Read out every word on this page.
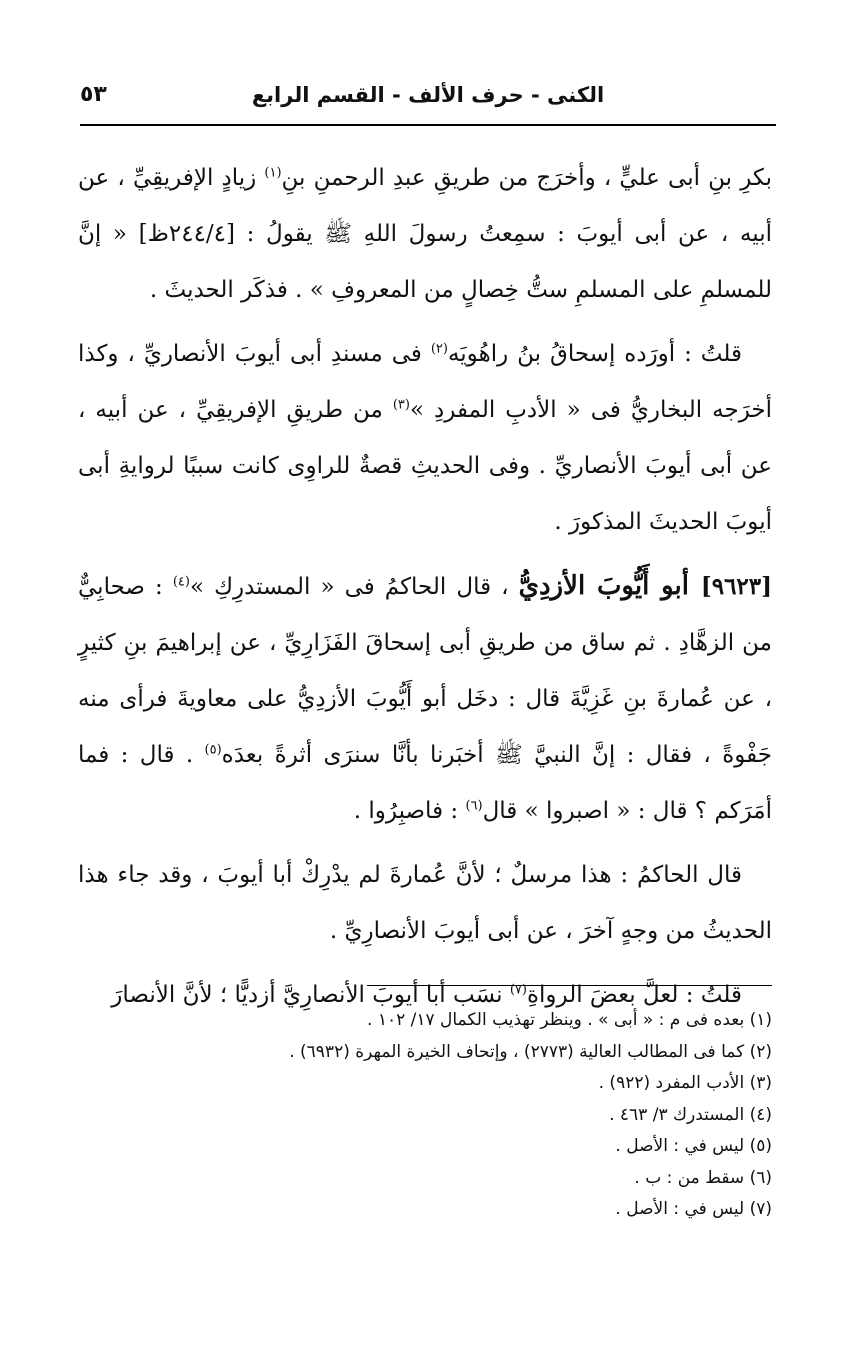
٥٣	الكنى - حرف الألف - القسم الرابع

بكرِ بنِ أبى عليٍّ ، وأخرَج من طريقِ عبدِ الرحمنِ بنِ$^{(١)}$ زيادٍ الإفريقِيِّ ، عن أبيه ، عن أبى أيوبَ : سمِعتُ رسولَ اللهِ ﷺ يقولُ : [٢٤٤/٤ظ] « إنَّ للمسلمِ على المسلمِ ستُّ خِصالٍ من المعروفِ » . فذكَر الحديثَ .

قلتُ : أورَده إسحاقُ بنُ راهُويَه$^{(٢)}$ فى مسندِ أبى أيوبَ الأنصاريِّ ، وكذا أخرَجه البخاريُّ فى « الأدبِ المفردِ »$^{(٣)}$ من طريقِ الإفريقِيِّ ، عن أبيه ، عن أبى أيوبَ الأنصاريِّ . وفى الحديثِ قصةٌ للراوِى كانت سببًا لروايةِ أبى أيوبَ الحديثَ المذكورَ .

[٩٦٢٣] أبو أَيُّوبَ الأزدِيُّ ، قال الحاكمُ فى « المستدرِكِ »$^{(٤)}$ : صحابِيٌّ من الزهَّادِ . ثم ساق من طريقِ أبى إسحاقَ الفَزَارِيِّ ، عن إبراهيمَ بنِ كثيرٍ ، عن عُمارةَ بنِ غَزِيَّةَ قال : دخَل أبو أَيُّوبَ الأزدِيُّ على معاويةَ فرأى منه جَفْوةً ، فقال : إنَّ النبيَّ ﷺ أخبَرنا بأنَّا سنرَى أثرةً بعدَه$^{(٥)}$ . قال : فما أمَرَكم ؟ قال : « اصبروا » قال$^{(٦)}$ : فاصبِرُوا .

قال الحاكمُ : هذا مرسلٌ ؛ لأنَّ عُمارةَ لم يدْرِكْ أبا أيوبَ ، وقد جاء هذا الحديثُ من وجهٍ آخرَ ، عن أبى أيوبَ الأنصارِيِّ .

قلتُ : لعلَّ بعضَ الرواةِ$^{(٧)}$ نسَب أبا أيوبَ الأنصارِيَّ أزديًّا ؛ لأنَّ الأنصارَ

(١) بعده فى م : « أبى » . وينظر تهذيب الكمال ١٧/ ١٠٢ .

(٢) كما فى المطالب العالية (٢٧٧٣) ، وإتحاف الخيرة المهرة (٦٩٣٢) .

(٣) الأدب المفرد (٩٢٢) .

(٤) المستدرك ٣/ ٤٦٣ .

(٥) ليس في : الأصل .

(٦) سقط من : ب .

(٧) ليس في : الأصل .
